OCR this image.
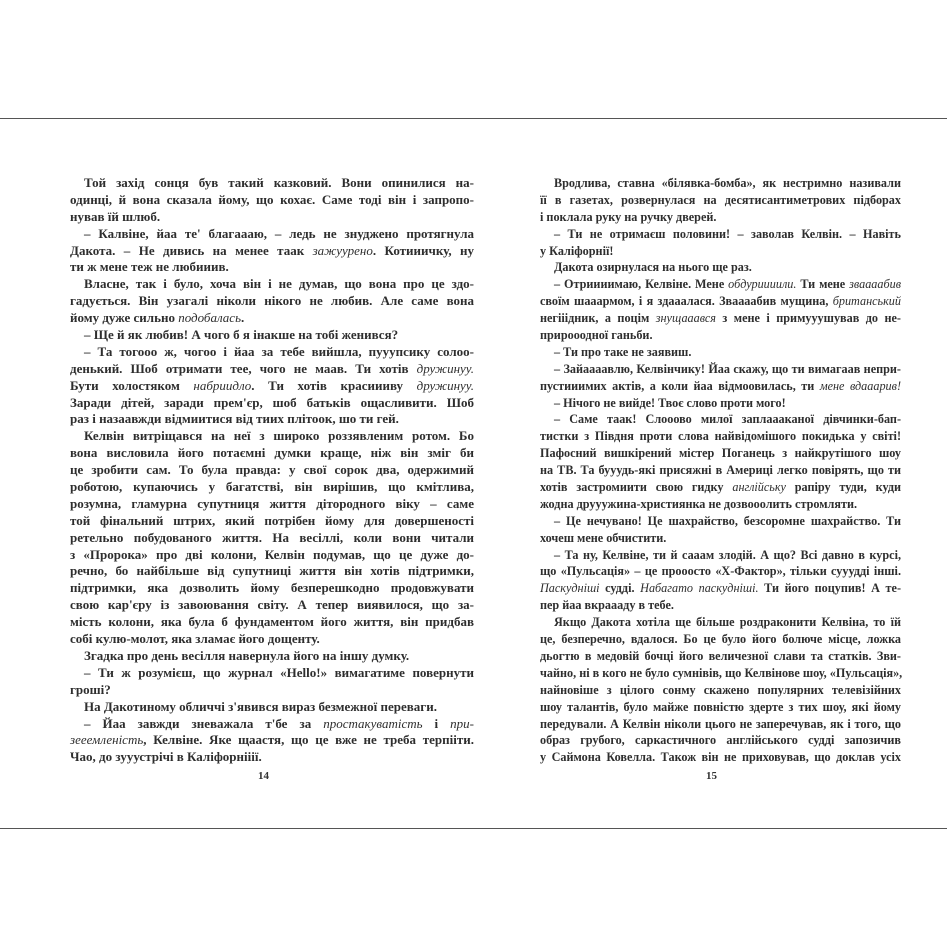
Той захід сонця був такий казковий. Вони опинилися на-
одинці, й вона сказала йому, що кохає. Саме тоді він і запропо-
нував їй шлюб.
– Калвіне, йаа те' благаааю, – ледь не знуджено протягнула
Дакота. – Не дивись на менее таак зажуурено. Котииичку, ну
ти ж мене теж не любииив.
Власне, так і було, хоча він і не думав, що вона про це здо-
гадується. Він узагалі ніколи нікого не любив. Але саме вона
йому дуже сильно подобалась.
– Ще й як любив! А чого б я інакше на тобі женився?
– Та тогооо ж, чогоо і йаа за тебе вийшла, пууупсику солоо-
денький. Шоб отримати тее, чого не маав. Ти хотів дружинуу.
Бути холостяком набриидло. Ти хотів красиииву дружинуу.
Заради дітей, заради прем'єр, шоб батьків ощасливити. Шоб
раз і назаавжди відмиитися від тиих плітоок, шо ти гей.
Келвін витріщався на неї з широко роззявленим ротом. Бо
вона висловила його потаємні думки краще, ніж він зміг би
це зробити сам. То була правда: у свої сорок два, одержимий
роботою, купаючись у багатстві, він вирішив, що кмітлива,
розумна, гламурна супутниця життя дітородного віку – саме
той фінальний штрих, який потрібен йому для довершеності
ретельно побудованого життя. На весіллі, коли вони читали
з «Пророка» про дві колони, Келвін подумав, що це дуже до-
речно, бо найбільше від супутниці життя він хотів підтримки,
підтримки, яка дозволить йому безперешкодно продовжувати
свою кар'єру із завоювання світу. А тепер виявилося, що за-
мість колони, яка була б фундаментом його життя, він придбав
собі кулю-молот, яка зламає його дощенту.
Згадка про день весілля навернула його на іншу думку.
– Ти ж розумієш, що журнал «Hello!» вимагатиме повернути
гроші?
На Дакотиному обличчі з'явився вираз безмежної переваги.
– Йаа завжди зневажала т'бе за простакуватість і при-
зееемленість, Келвіне. Яке щаастя, що це вже не треба терпііти.
Чао, до зууустрічі в Каліфорнііії.
Вродлива, ставна «білявка-бомба», як нестримно називали
її в газетах, розвернулася на десятисантиметрових підборах
і поклала руку на ручку дверей.
– Ти не отримаєш половини! – заволав Келвін. – Навіть
у Каліфорнії!
Дакота озирнулася на нього ще раз.
– Отриииимаю, Келвіне. Мене обдуриииили. Ти мене зваааабив
своїм шааармом, і я здааалася. Зваааабив мущина, британський
негііідник, а поцім знущааався з мене і примууушував до не-
прирооодної ганьби.
– Ти про таке не заявиш.
– Зайаааавлю, Келвінчику! Йаа скажу, що ти вимагаав непри-
пустииимих актів, а коли йаа відмоовилась, ти мене вдааарив!
– Нічого не вийде! Твоє слово проти мого!
– Саме таак! Слооово милої заплаааканої дівчинки-бап-
тистки з Півдня проти слова найвідомішого покидька у світі!
Пафосний вишкірений містер Поганець з найкрутішого шоу
на ТВ. Та бууудь-які присяжні в Америці легко повірять, що ти
хотів застромиити свою гидку англійську рапіру туди, куди
жодна друуужина-християнка не дозвооолить стромляти.
– Це нечувано! Це шахрайство, безсоромне шахрайство. Ти
хочеш мене обчистити.
– Та ну, Келвіне, ти й сааам злодій. А що? Всі давно в курсі,
що «Пульсація» – це прооосто «Х-Фактор», тільки сууудді інші.
Паскудніші судді. Набагато паскудніші. Ти його поцупив! А те-
пер йаа вкраааду в тебе.
Якщо Дакота хотіла ще більше роздраконити Келвіна, то їй
це, безперечно, вдалося. Бо це було його болюче місце, ложка
дьогтю в медовій бочці його величезної слави та статків. Зви-
чайно, ні в кого не було сумнівів, що Келвінове шоу, «Пульсація»,
найновіше з цілого сонму скажено популярних телевізійних
шоу талантів, було майже повністю здерте з тих шоу, які йому
передували. А Келвін ніколи цього не заперечував, як і того, що
образ грубого, саркастичного англійського судді запозичив
у Саймона Ковелла. Також він не приховував, що доклав усіх
14	15
